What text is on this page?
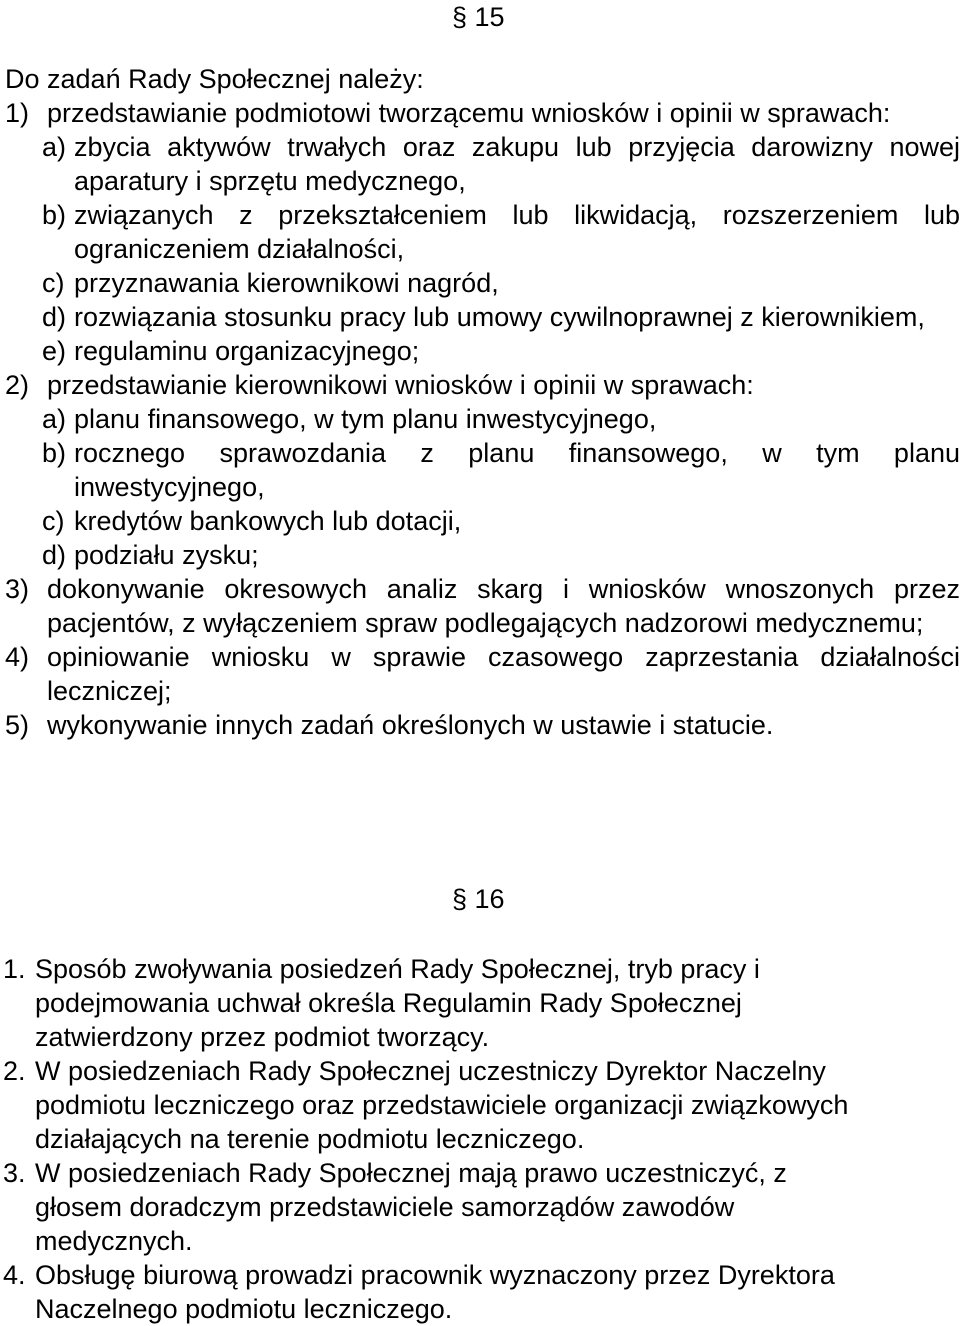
§ 15

Do zadań Rady Społecznej należy:

1) przedstawianie podmiotowi tworzącemu wniosków i opinii w sprawach:
a) zbycia aktywów trwałych oraz zakupu lub przyjęcia darowizny nowej aparatury i sprzętu medycznego,
b) związanych z przekształceniem lub likwidacją, rozszerzeniem lub ograniczeniem działalności,
c) przyznawania kierownikowi nagród,
d) rozwiązania stosunku pracy lub umowy cywilnoprawnej z kierownikiem,
e) regulaminu organizacyjnego;
2) przedstawianie kierownikowi wniosków i opinii w sprawach:
a) planu finansowego, w tym planu inwestycyjnego,
b) rocznego sprawozdania z planu finansowego, w tym planu inwestycyjnego,
c) kredytów bankowych lub dotacji,
d) podziału zysku;
3) dokonywanie okresowych analiz skarg i wniosków wnoszonych przez pacjentów, z wyłączeniem spraw podlegających nadzorowi medycznemu;
4) opiniowanie wniosku w sprawie czasowego zaprzestania działalności leczniczej;
5) wykonywanie innych zadań określonych w ustawie i statucie.
§ 16
1. Sposób zwoływania posiedzeń Rady Społecznej, tryb pracy i podejmowania uchwał określa Regulamin Rady Społecznej zatwierdzony przez podmiot tworzący.
2. W posiedzeniach Rady Społecznej uczestniczy Dyrektor Naczelny podmiotu leczniczego oraz przedstawiciele organizacji związkowych działających na terenie podmiotu leczniczego.
3. W posiedzeniach Rady Społecznej mają prawo uczestniczyć, z głosem doradczym przedstawiciele samorządów zawodów medycznych.
4. Obsługę biurową prowadzi pracownik wyznaczony przez Dyrektora Naczelnego podmiotu leczniczego.
